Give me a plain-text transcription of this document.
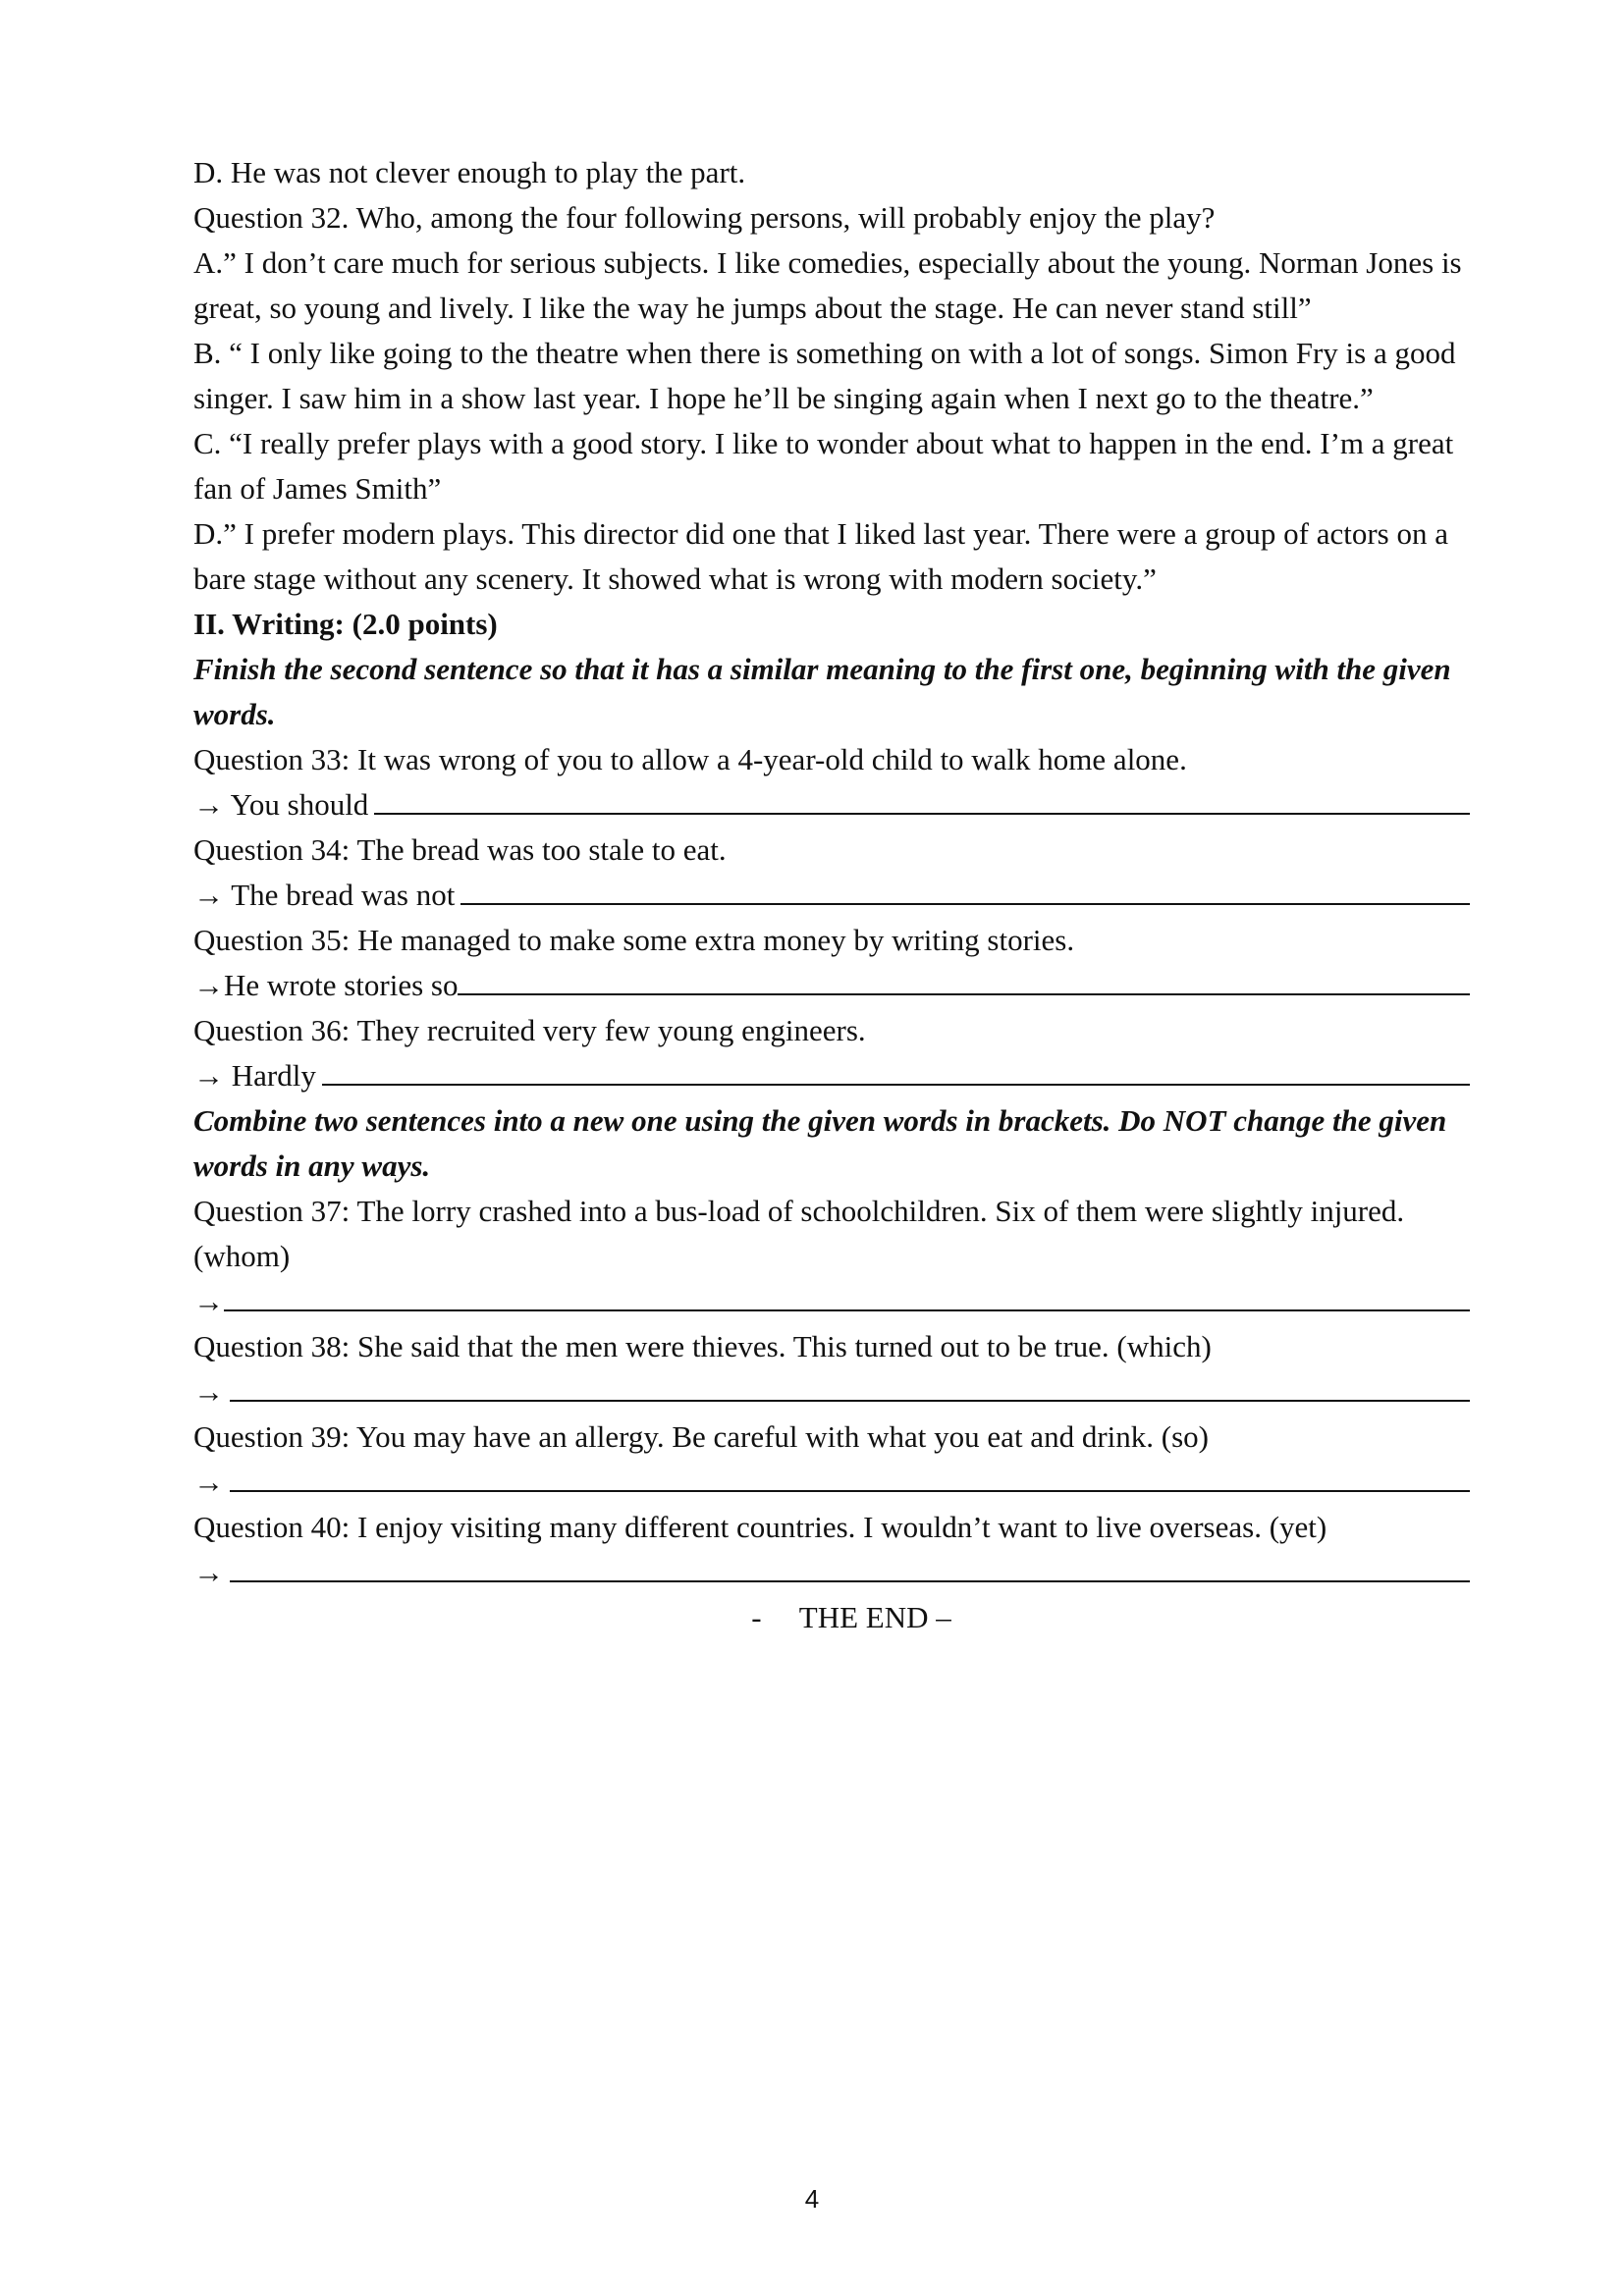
D. He was not clever enough to play the part.
Question 32. Who, among the four following persons, will probably enjoy the play?
A.” I don’t care much for serious subjects. I like comedies, especially about the young. Norman Jones is great, so young and lively. I like the way he jumps about the stage. He can never stand still”
B. “ I only like going to the theatre when there is something on with a lot of songs. Simon Fry is a good singer. I saw him in a show last year. I hope he’ll be singing again when I next go to the theatre.”
C. “I really prefer plays with a good story. I like to wonder about what to happen in the end. I’m a great fan of James Smith”
D.” I prefer modern plays. This director did one that I liked last year. There were a group of actors on a bare stage without any scenery. It showed what is wrong with modern society.”
II. Writing: (2.0 points)
Finish the second sentence so that it has a similar meaning to the first one, beginning with the given words.
Question 33: It was wrong of you to allow a 4-year-old child to walk home alone.
→ You should
Question 34: The bread was too stale to eat.
→ The bread was not
Question 35: He managed to make some extra money by writing stories.
→He wrote stories so
Question 36: They recruited very few young engineers.
→ Hardly
Combine two sentences into a new one using the given words in brackets. Do NOT change the given words in any ways.
Question 37: The lorry crashed into a bus-load of schoolchildren. Six of them were slightly injured.(whom)
→
Question 38: She said that the men were thieves. This turned out to be true. (which)
→
Question 39: You may have an allergy. Be careful with what you eat and drink. (so)
→
Question 40: I enjoy visiting many different countries. I wouldn’t want to live overseas. (yet)
→
-     THE END –
4
